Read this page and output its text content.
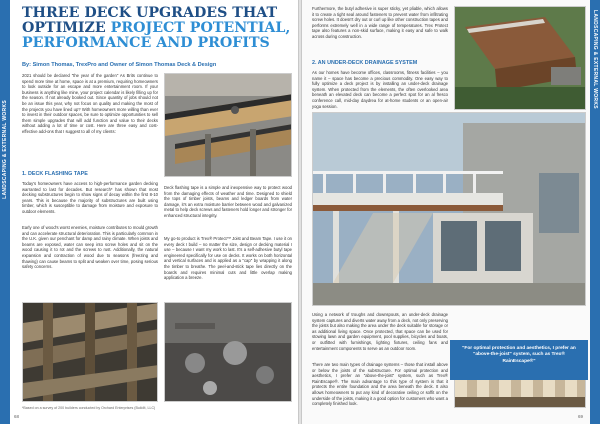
LANDSCAPING & EXTERNAL WORKS
THREE DECK UPGRADES THAT OPTIMIZE PROJECT POTENTIAL, PERFORMANCE AND PROFITS
By: Simon Thomas, TrexPro and Owner of Simon Thomas Deck & Design
2021 should be declared "the year of the garden" As Brits continue to spend more time at home, space is at a premium, requiring homeowners to look outside for an escape and more entertainment room. If your business is anything like mine, your project calendar is likely filling up for the season. If not already booked out. Since quantity of jobs should not be an issue this year, why not focus on quality and making the most of the projects you have lined up? With homeowners more willing than ever to invest in their outdoor spaces, be sure to optimize opportunities to sell them simple upgrades that will add function and value to their decks without adding a lot of time or cost. Here are three easy and cost-effective add-ons that I suggest to all of my clients:
1. DECK FLASHING TAPE
Today's homeowners have access to high-performance garden decking warranted to last for decades. But research* has shown that most decking substructures begin to show signs of decay within the first 8-10 years. This is because the majority of substructures are built using timber, which is susceptible to damage from moisture and exposure to outdoor elements.
Early one of wood's worst enemies, moisture contributes to mould growth and can accelerate structural deterioration. This is particularly common in the U.K. given our penchant for damp and rainy climate. When joists and beams are exposed, water can seep into screw holes and sit on the wood causing it to rot and the screws to rust. Additionally, the natural expansion and contraction of wood due to seasons (freezing and thawing) can cause beams to split and weaken over time, posing serious safety concerns.
Deck flashing tape is a simple and inexpensive way to protect wood from the damaging effects of weather and time. Designed to shield the tops of timber joists, beams and ledger boards from water damage, it's an extra moisture barrier between wood and galvanized metal to help deck screws and fasteners hold longer and stronger for enhanced structural integrity.
My go-to product is Trex® Protect™ Joist and Beam Tape. I use it on every deck I build – no matter the size, design or decking material I use – because I want my work to last. It's a self-adhesive butyl tape engineered specifically for use on decks. It works on both horizontal and vertical surfaces and is applied as a "cap" by wrapping it along the timber to breathe. The peel-and-stick tape lies directly on the boards and requires minimal cuts and little overlap making application a breeze.
*Based on a survey of 200 builders conducted by Orchard Enterprises (BuildIt, LLC)
68
LANDSCAPING & EXTERNAL WORKS
Furthermore, the butyl adhesive is super sticky, yet pliable, which allows it to create a tight seal around fasteners to prevent water from infiltrating screw holes. It doesn't dry out or curl up like other construction tapes and performs extremely well in a wide range of temperatures. Trex Protect tape also features a non-skid surface, making it easy and safe to walk across during construction.
2. AN UNDER-DECK DRAINAGE SYSTEM
As our homes have become offices, classrooms, fitness facilities – you name it – space has become a precious commodity. One easy way to fully optimize a deck project is by installing an under-deck drainage system. When protected from the elements, the often overlooked area beneath an elevated deck can become a perfect spot for an al fresco conference call, mid-day daydrea for at-home students or an open-air yoga session.
Using a network of troughs and downspouts, an under-deck drainage system captures and diverts water away from a deck, not only preserving the joists but also making the area under the deck suitable for storage or as additional living space. Once protected, that space can be used for stowing lawn and garden equipment, pool supplies, bicycles and boats, or outfitted with furnishings, lighting fixtures, ceiling fans and entertainment components to serve as an outdoor room.
There are two main types of drainage systems – those that install above or below the joists of the substructure. For optimal protection and aesthetics, I prefer an "above-the-joist" system, such as Trex® RainEscape®. The main advantage to this type of system is that it protects the entire foundation and the area beneath the deck. It also allows homeowners to put any kind of decorative ceiling or soffit on the underside of the joists, making it a good option for customers who want a completely finished look.
69
"For optimal protection and aesthetics, I prefer an "above-the-joist" system, such as Trex® RainEscape®"
